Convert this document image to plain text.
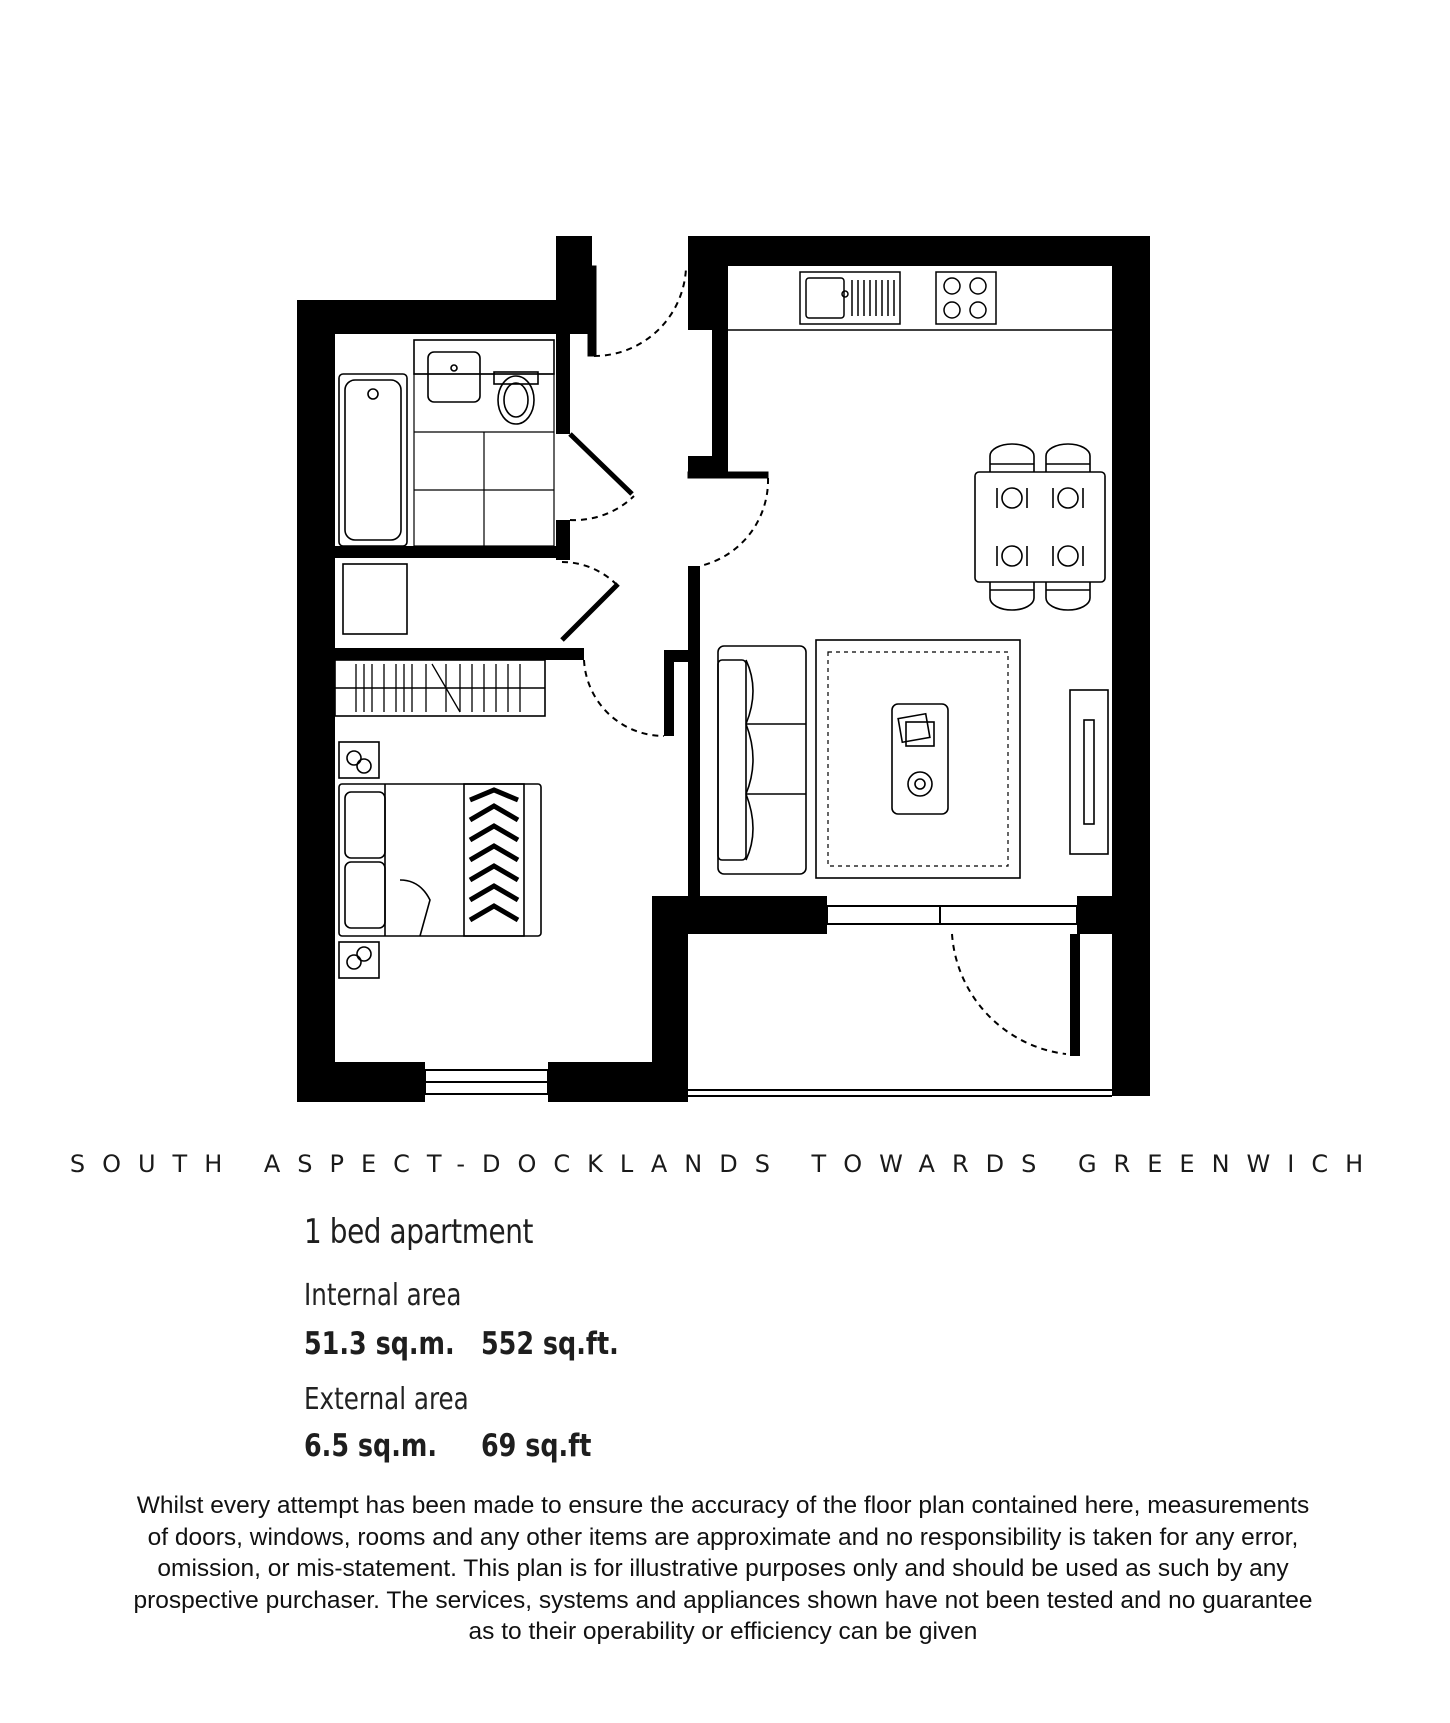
SOUTH ASPECT-DOCKLANDS TOWARDS GREENWICH
1 bed apartment
Internal area
51.3 sq.m. 552 sq.ft.
External area
6.5 sq.m. 69 sq.ft
Whilst every attempt has been made to ensure the accuracy of the floor plan contained here, measurements
of doors, windows, rooms and any other items are approximate and no responsibility is taken for any error,
omission, or mis-statement. This plan is for illustrative purposes only and should be used as such by any
prospective purchaser. The services, systems and appliances shown have not been tested and no guarantee
as to their operability or efficiency can be given
